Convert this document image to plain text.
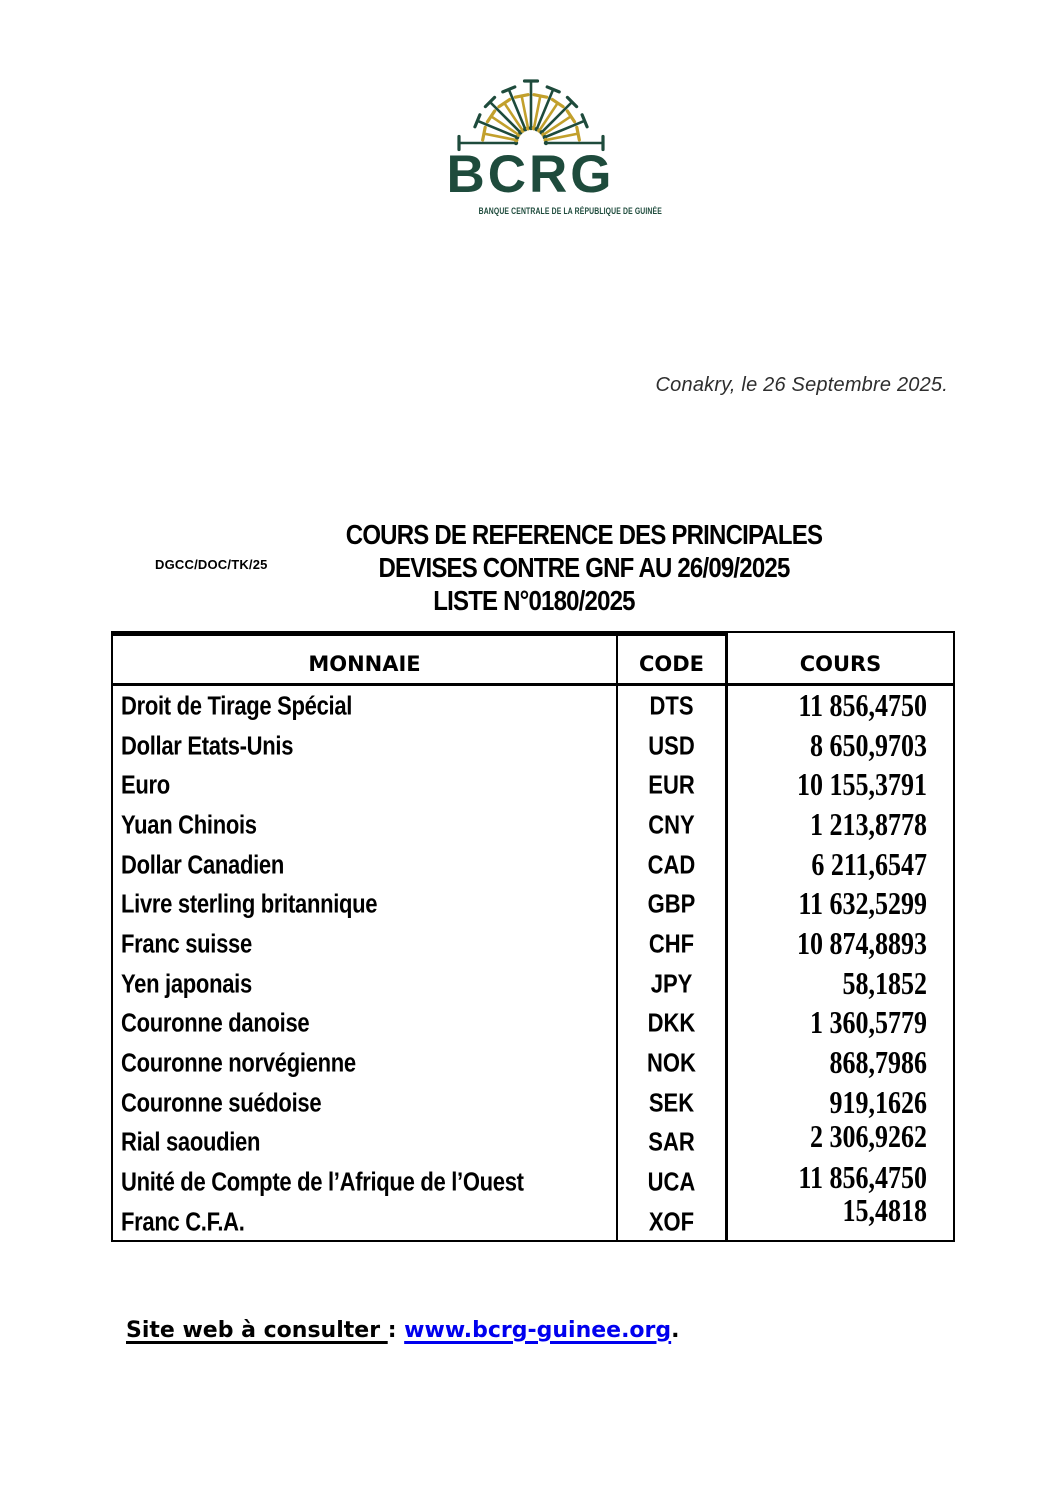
BCRG
BANQUE CENTRALE DE LA RÉPUBLIQUE DE GUINÉE
Conakry, le 26 Septembre 2025.
DGCC/DOC/TK/25
COURS DE REFERENCE DES PRINCIPALES
DEVISES CONTRE GNF AU 26/09/2025
LISTE N°0180/2025
MONNAIE	CODE	COURS
Droit de Tirage Spécial	DTS	11 856,4750
Dollar Etats-Unis	USD	8 650,9703
Euro	EUR	10 155,3791
Yuan Chinois	CNY	1 213,8778
Dollar Canadien	CAD	6 211,6547
Livre sterling britannique	GBP	11 632,5299
Franc suisse	CHF	10 874,8893
Yen japonais	JPY	58,1852
Couronne danoise	DKK	1 360,5779
Couronne norvégienne	NOK	868,7986
Couronne suédoise	SEK	919,1626
Rial saoudien	SAR	2 306,9262
Unité de Compte de l’Afrique de l’Ouest	UCA	11 856,4750
Franc C.F.A.	XOF	15,4818
Site web à consulter : www.bcrg-guinee.org.
